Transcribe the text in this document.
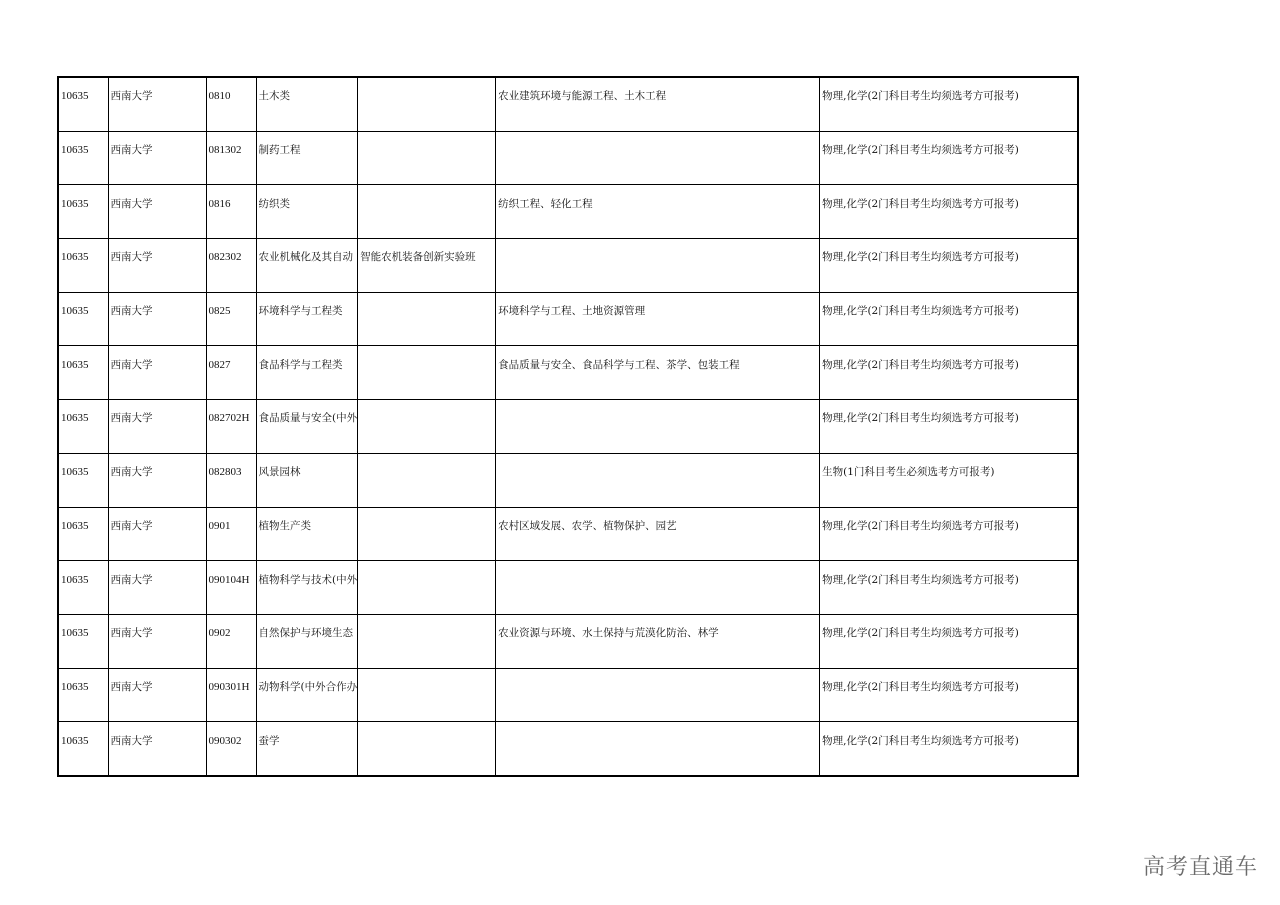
10635	西南大学	0810	土木类		农业建筑环境与能源工程、土木工程	物理,化学(2门科目考生均须选考方可报考)
10635	西南大学	081302	制药工程			物理,化学(2门科目考生均须选考方可报考)
10635	西南大学	0816	纺织类		纺织工程、轻化工程	物理,化学(2门科目考生均须选考方可报考)
10635	西南大学	082302	农业机械化及其自动	智能农机装备创新实验班		物理,化学(2门科目考生均须选考方可报考)
10635	西南大学	0825	环境科学与工程类		环境科学与工程、土地资源管理	物理,化学(2门科目考生均须选考方可报考)
10635	西南大学	0827	食品科学与工程类		食品质量与安全、食品科学与工程、茶学、包装工程	物理,化学(2门科目考生均须选考方可报考)
10635	西南大学	082702H	食品质量与安全(中外			物理,化学(2门科目考生均须选考方可报考)
10635	西南大学	082803	风景园林			生物(1门科目考生必须选考方可报考)
10635	西南大学	0901	植物生产类		农村区域发展、农学、植物保护、园艺	物理,化学(2门科目考生均须选考方可报考)
10635	西南大学	090104H	植物科学与技术(中外			物理,化学(2门科目考生均须选考方可报考)
10635	西南大学	0902	自然保护与环境生态		农业资源与环境、水土保持与荒漠化防治、林学	物理,化学(2门科目考生均须选考方可报考)
10635	西南大学	090301H	动物科学(中外合作办			物理,化学(2门科目考生均须选考方可报考)
10635	西南大学	090302	蚕学			物理,化学(2门科目考生均须选考方可报考)
高考直通车
